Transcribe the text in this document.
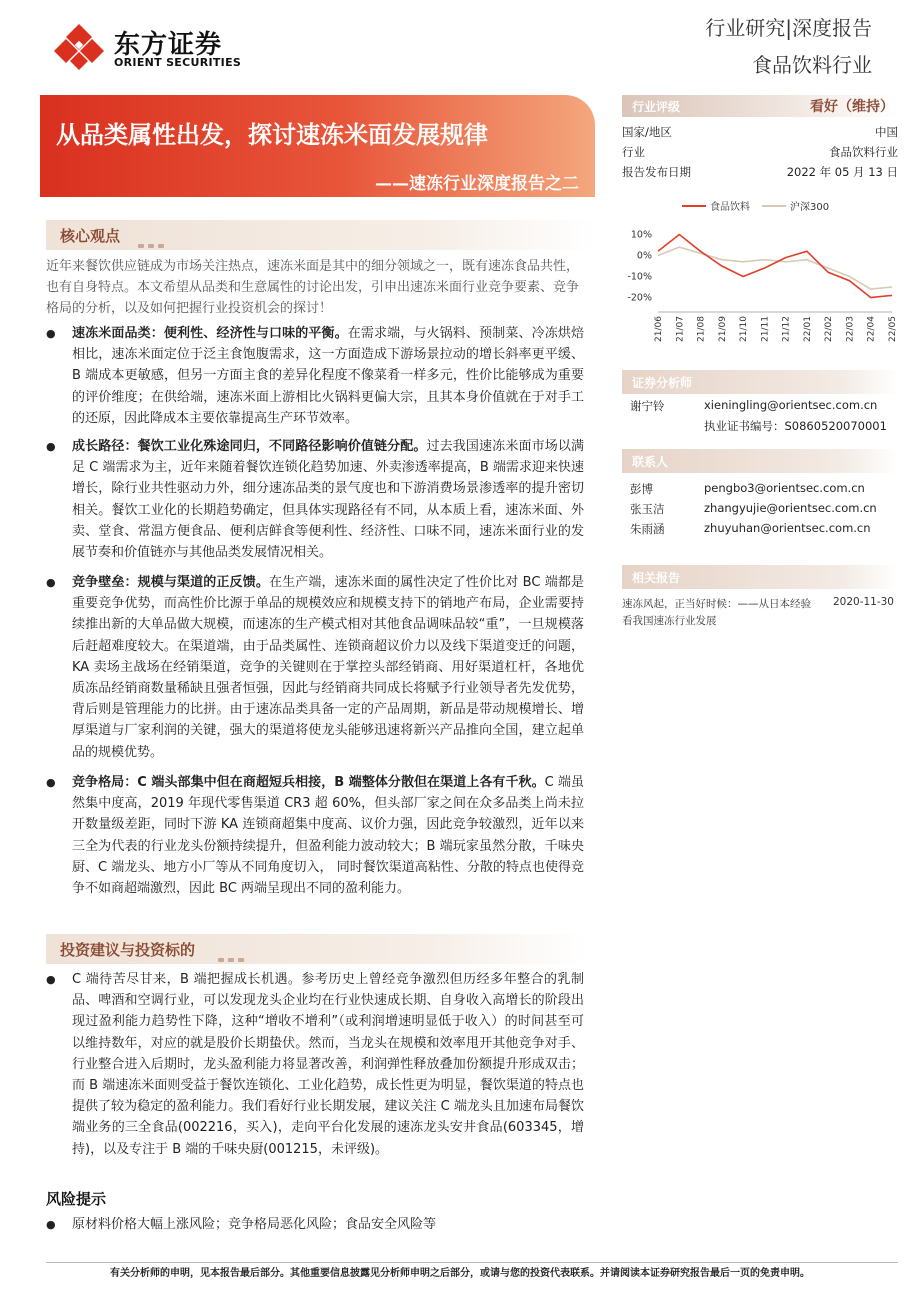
东方证券
ORIENT SECURITIES
行业研究|深度报告
食品饮料行业
从品类属性出发，探讨速冻米面发展规律
——速冻行业深度报告之二
核心观点
近年来餐饮供应链成为市场关注热点，速冻米面是其中的细分领域之一，既有速冻食品共性，也有自身特点。本文希望从品类和生意属性的讨论出发，引申出速冻米面行业竞争要素、竞争格局的分析，以及如何把握行业投资机会的探讨！
● 速冻米面品类：便利性、经济性与口味的平衡。在需求端，与火锅料、预制菜、冷冻烘焙相比，速冻米面定位于泛主食饱腹需求，这一方面造成下游场景拉动的增长斜率更平缓、B 端成本更敏感，但另一方面主食的差异化程度不像菜肴一样多元，性价比能够成为重要的评价维度；在供给端，速冻米面上游相比火锅料更偏大宗，且其本身价值就在于对手工的还原，因此降成本主要依靠提高生产环节效率。

● 成长路径：餐饮工业化殊途同归，不同路径影响价值链分配。过去我国速冻米面市场以满足 C 端需求为主，近年来随着餐饮连锁化趋势加速、外卖渗透率提高，B 端需求迎来快速增长，除行业共性驱动力外，细分速冻品类的景气度也和下游消费场景渗透率的提升密切相关。餐饮工业化的长期趋势确定，但具体实现路径有不同，从本质上看，速冻米面、外卖、堂食、常温方便食品、便利店鲜食等便利性、经济性、口味不同，速冻米面行业的发展节奏和价值链亦与其他品类发展情况相关。

● 竞争壁垒：规模与渠道的正反馈。在生产端，速冻米面的属性决定了性价比对 BC 端都是重要竞争优势，而高性价比源于单品的规模效应和规模支持下的销地产布局，企业需要持续推出新的大单品做大规模，而速冻的生产模式相对其他食品调味品较“重”，一旦规模落后赶超难度较大。在渠道端，由于品类属性、连锁商超议价力以及线下渠道变迁的问题，KA 卖场主战场在经销渠道，竞争的关键则在于掌控头部经销商、用好渠道杠杆，各地优质冻品经销商数量稀缺且强者恒强，因此与经销商共同成长将赋予行业领导者先发优势，背后则是管理能力的比拼。由于速冻品类具备一定的产品周期，新品是带动规模增长、增厚渠道与厂家利润的关键，强大的渠道将使龙头能够迅速将新兴产品推向全国，建立起单品的规模优势。

● 竞争格局：C 端头部集中但在商超短兵相接，B 端整体分散但在渠道上各有千秋。C 端虽然集中度高，2019 年现代零售渠道 CR3 超 60%，但头部厂家之间在众多品类上尚未拉开数量级差距，同时下游 KA 连锁商超集中度高、议价力强，因此竞争较激烈，近年以来三全为代表的行业龙头份额持续提升，但盈利能力波动较大；B 端玩家虽然分散，千味央厨、C 端龙头、地方小厂等从不同角度切入， 同时餐饮渠道高粘性、分散的特点也使得竞争不如商超端激烈，因此 BC 两端呈现出不同的盈利能力。

投资建议与投资标的
● C 端待苦尽甘来，B 端把握成长机遇。参考历史上曾经竞争激烈但历经多年整合的乳制品、啤酒和空调行业，可以发现龙头企业均在行业快速成长期、自身收入高增长的阶段出现过盈利能力趋势性下降，这种“增收不增利”（或利润增速明显低于收入）的时间甚至可以维持数年，对应的就是股价长期蛰伏。然而，当龙头在规模和效率甩开其他竞争对手、行业整合进入后期时，龙头盈利能力将显著改善，利润弹性释放叠加份额提升形成双击；而 B 端速冻米面则受益于餐饮连锁化、工业化趋势，成长性更为明显，餐饮渠道的特点也提供了较为稳定的盈利能力。我们看好行业长期发展，建议关注 C 端龙头且加速布局餐饮端业务的三全食品(002216，买入)，走向平台化发展的速冻龙头安井食品(603345，增持)，以及专注于 B 端的千味央厨(001215，未评级)。

风险提示
● 原材料价格大幅上涨风险；竞争格局恶化风险；食品安全风险等

行业评级	看好（维持）
国家/地区	中国
行业	食品饮料行业
报告发布日期	2022 年 05 月 13 日
食品饮料	沪深300
10%
0%
-10%
-20%
21/06 21/07 21/08 21/09 21/10 21/11 21/12 22/01 22/02 22/03 22/04 22/05
证券分析师
谢宁铃	xieningling@orientsec.com.cn
执业证书编号：S0860520070001
联系人
彭博	pengbo3@orientsec.com.cn
张玉洁	zhangyujie@orientsec.com.cn
朱雨涵	zhuyuhan@orientsec.com.cn
相关报告
速冻风起，正当好时候：——从日本经验 2020-11-30
看我国速冻行业发展
有关分析师的申明，见本报告最后部分。其他重要信息披露见分析师申明之后部分，或请与您的投资代表联系。并请阅读本证券研究报告最后一页的免责申明。
